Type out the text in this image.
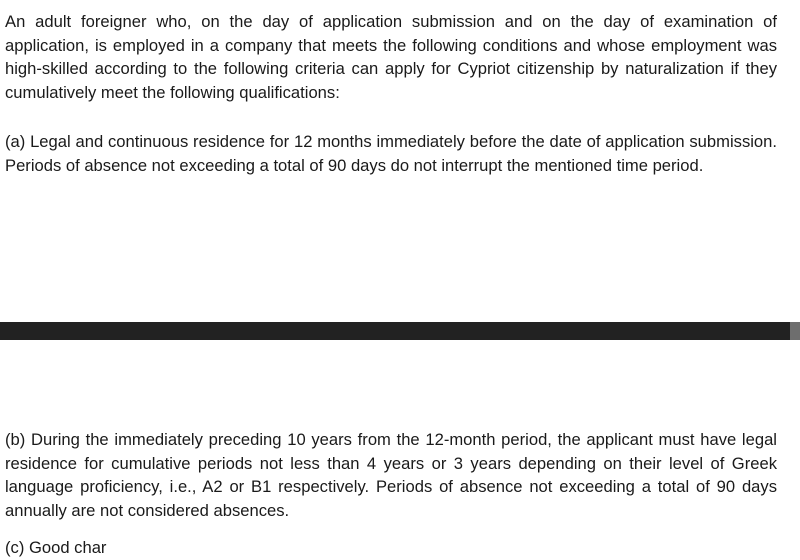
An adult foreigner who, on the day of application submission and on the day of examination of application, is employed in a company that meets the following conditions and whose employment was high-skilled according to the following criteria can apply for Cypriot citizenship by naturalization if they cumulatively meet the following qualifications:

(a) Legal and continuous residence for 12 months immediately before the date of application submission. Periods of absence not exceeding a total of 90 days do not interrupt the mentioned time period.

(b) During the immediately preceding 10 years from the 12-month period, the applicant must have legal residence for cumulative periods not less than 4 years or 3 years depending on their level of Greek language proficiency, i.e., A2 or B1 respectively. Periods of absence not exceeding a total of 90 days annually are not considered absences.

(c) Good char
